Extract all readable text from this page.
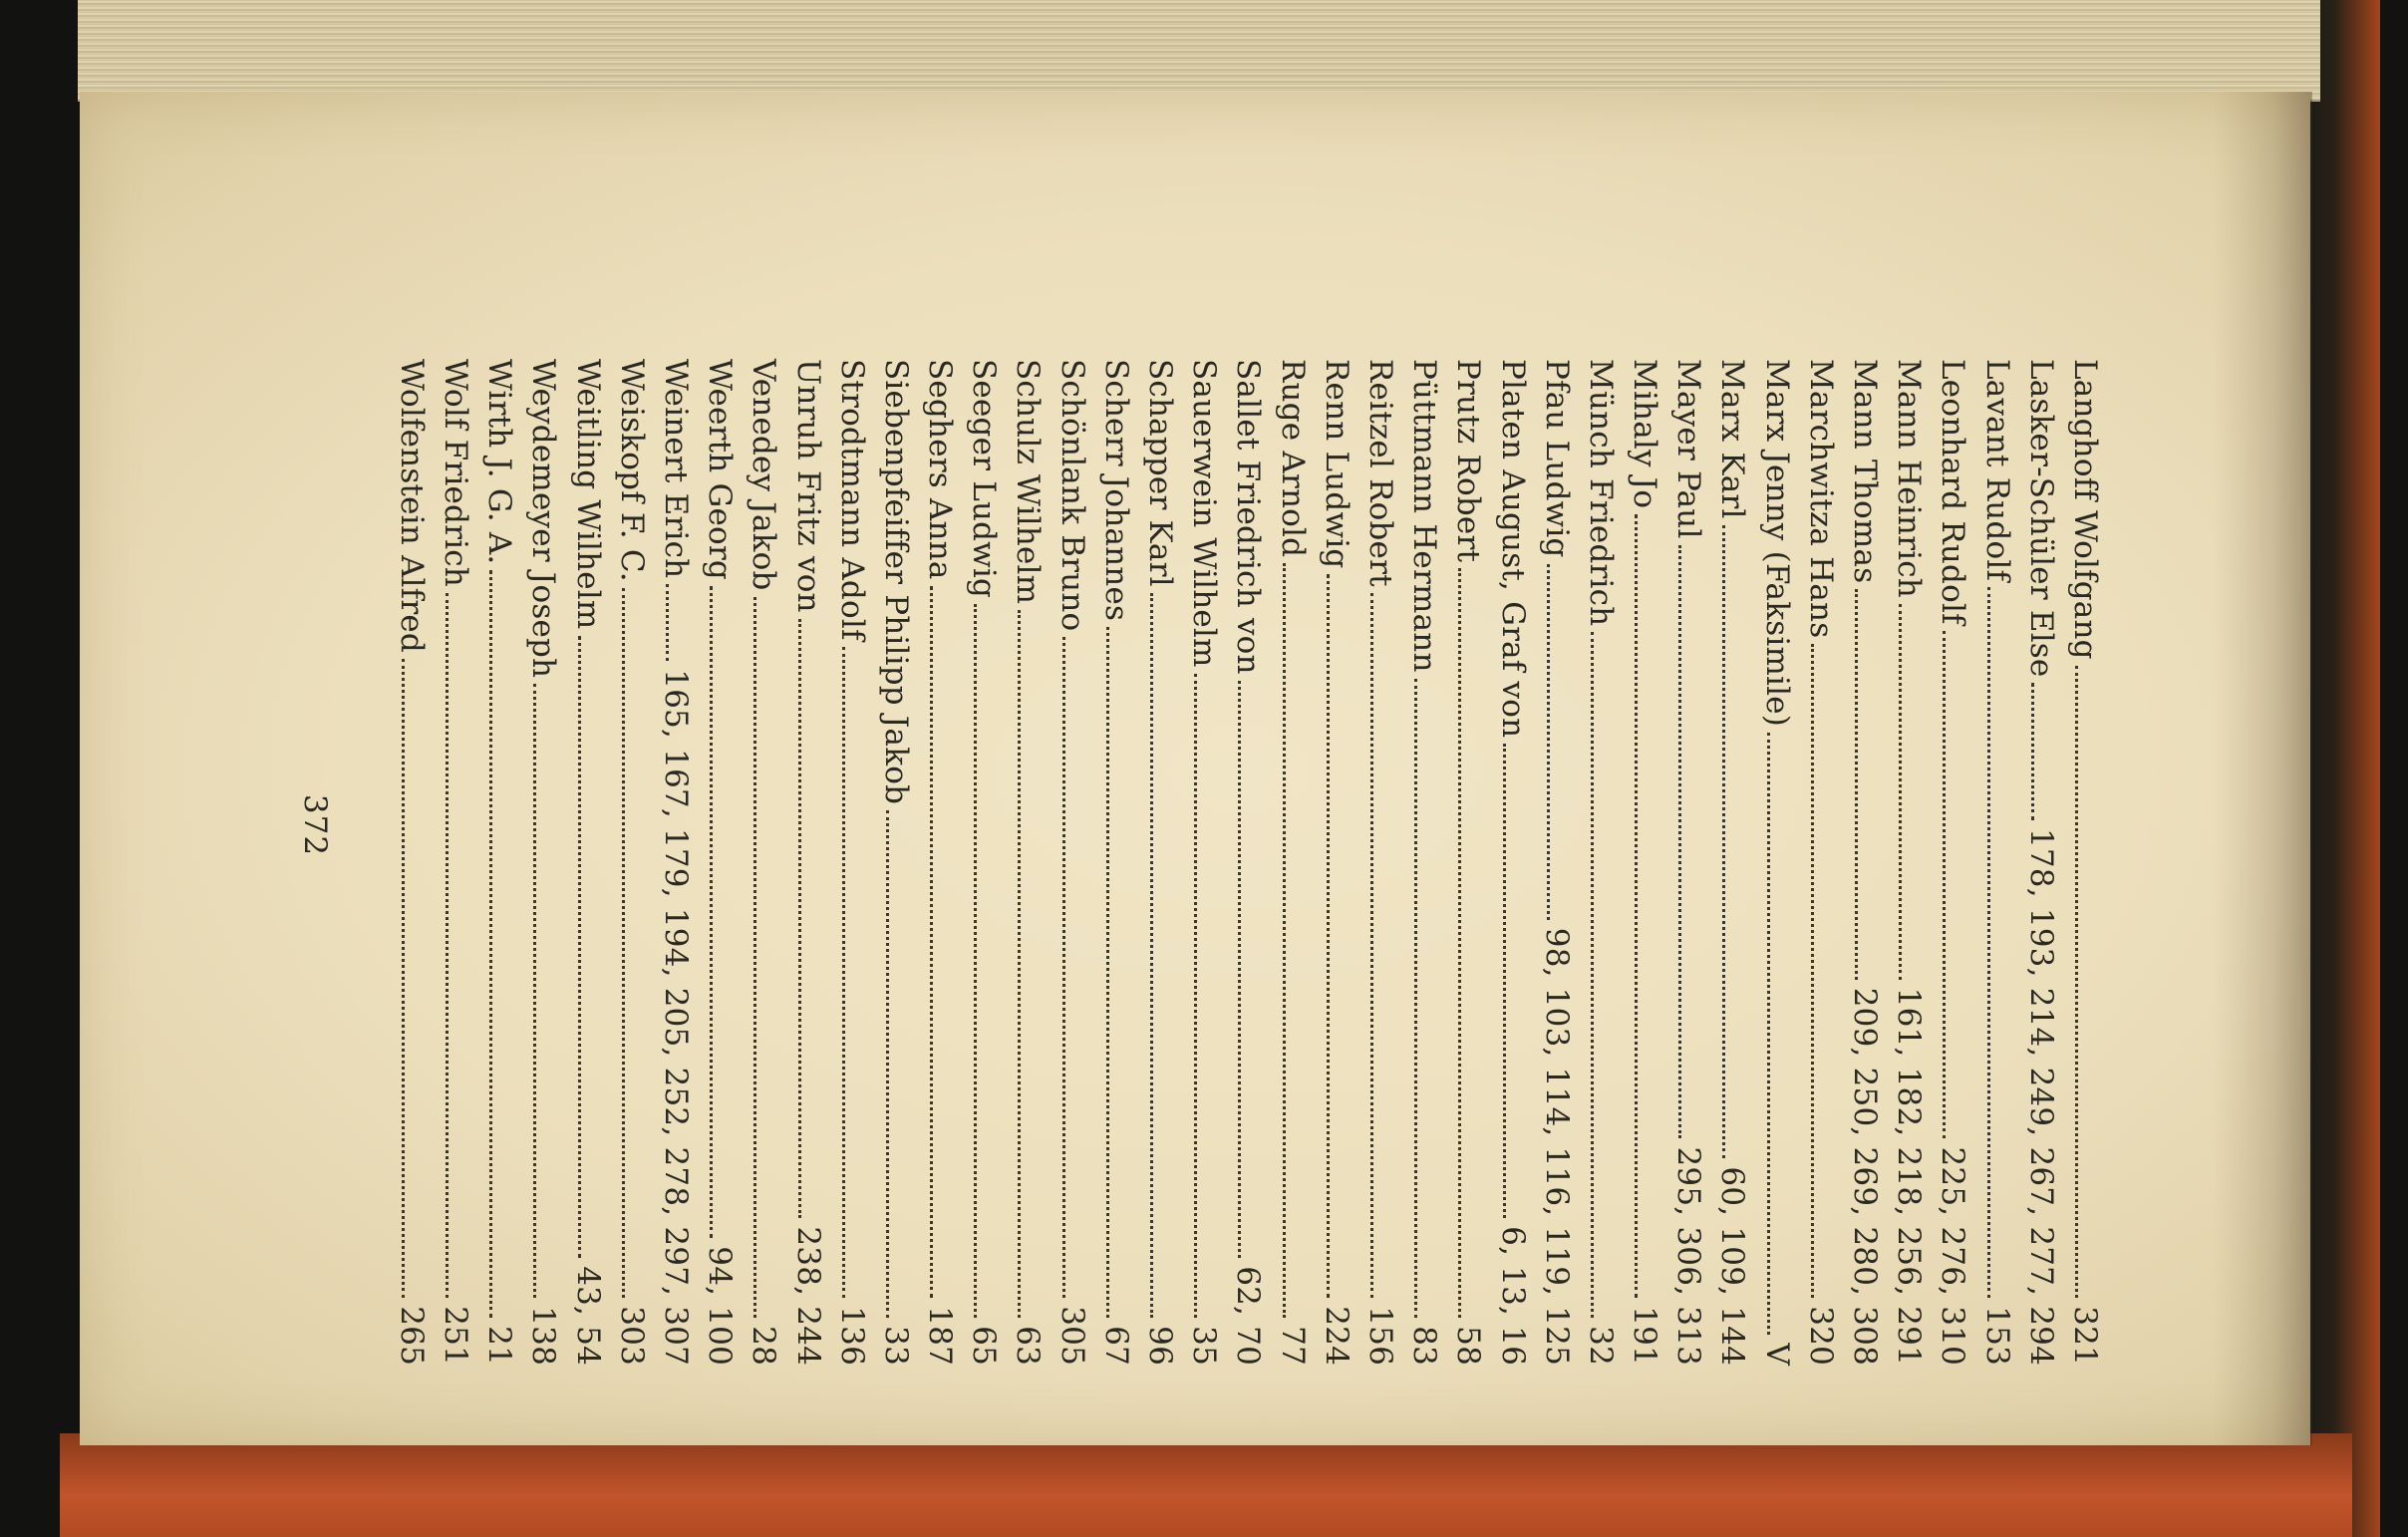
Langhoff Wolfgang
321
Lasker-Schüler Else
178, 193, 214, 249, 267, 277, 294
Lavant Rudolf
153
Leonhard Rudolf
225, 276, 310
Mann Heinrich
161, 182, 218, 256, 291
Mann Thomas
209, 250, 269, 280, 308
Marchwitza Hans
320
Marx Jenny (Faksimile)
V
Marx Karl
60, 109, 144
Mayer Paul
295, 306, 313
Mihaly Jo
191
Münch Friedrich
32
Pfau Ludwig
98, 103, 114, 116, 119, 125
Platen August, Graf von
6, 13, 16
Prutz Robert
58
Püttmann Hermann
83
Reitzel Robert
156
Renn Ludwig
224
Ruge Arnold
77
Sallet Friedrich von
62, 70
Sauerwein Wilhelm
35
Schapper Karl
96
Scherr Johannes
67
Schönlank Bruno
305
Schulz Wilhelm
63
Seeger Ludwig
65
Seghers Anna
187
Siebenpfeiffer Philipp Jakob
33
Strodtmann Adolf
136
Unruh Fritz von
238, 244
Venedey Jakob
28
Weerth Georg
94, 100
Weinert Erich
165, 167, 179, 194, 205, 252, 278, 297, 307
Weiskopf F. C.
303
Weitling Wilhelm
43, 54
Weydemeyer Joseph
138
Wirth J. G. A.
21
Wolf Friedrich
251
Wolfenstein Alfred
265
372
